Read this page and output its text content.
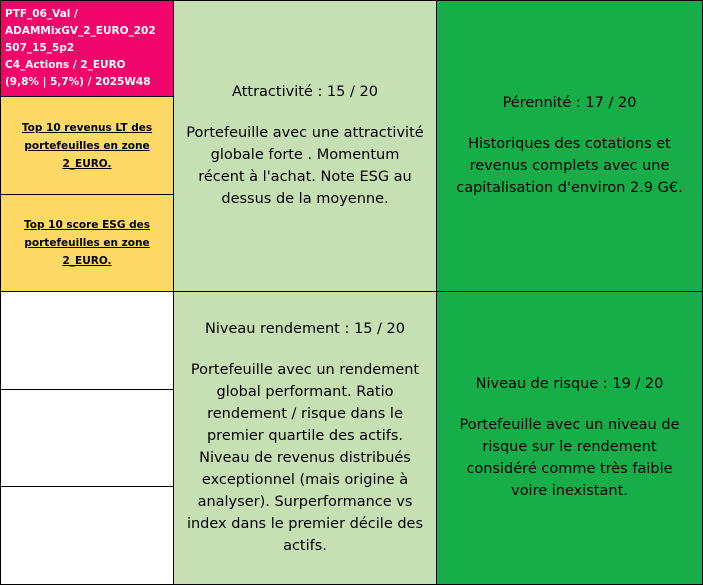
PTF_06_Val /
ADAMMixGV_2_EURO_202
507_15_5p2
C4_Actions / 2_EURO
(9,8% | 5,7%) / 2025W48
Top 10 revenus LT des
portefeuilles en zone
2_EURO.
Top 10 score ESG des
portefeuilles en zone
2_EURO.
Attractivité : 15 / 20
Portefeuille avec une attractivité
globale forte . Momentum
récent à l'achat. Note ESG au
dessus de la moyenne.
Niveau rendement : 15 / 20
Portefeuille avec un rendement
global performant. Ratio
rendement / risque dans le
premier quartile des actifs.
Niveau de revenus distribués
exceptionnel (mais origine à
analyser). Surperformance vs
index dans le premier décile des
actifs.
Pérennité : 17 / 20
Historiques des cotations et
revenus complets avec une
capitalisation d'environ 2.9 G€.
Niveau de risque : 19 / 20
Portefeuille avec un niveau de
risque sur le rendement
considéré comme très faible
voire inexistant.
